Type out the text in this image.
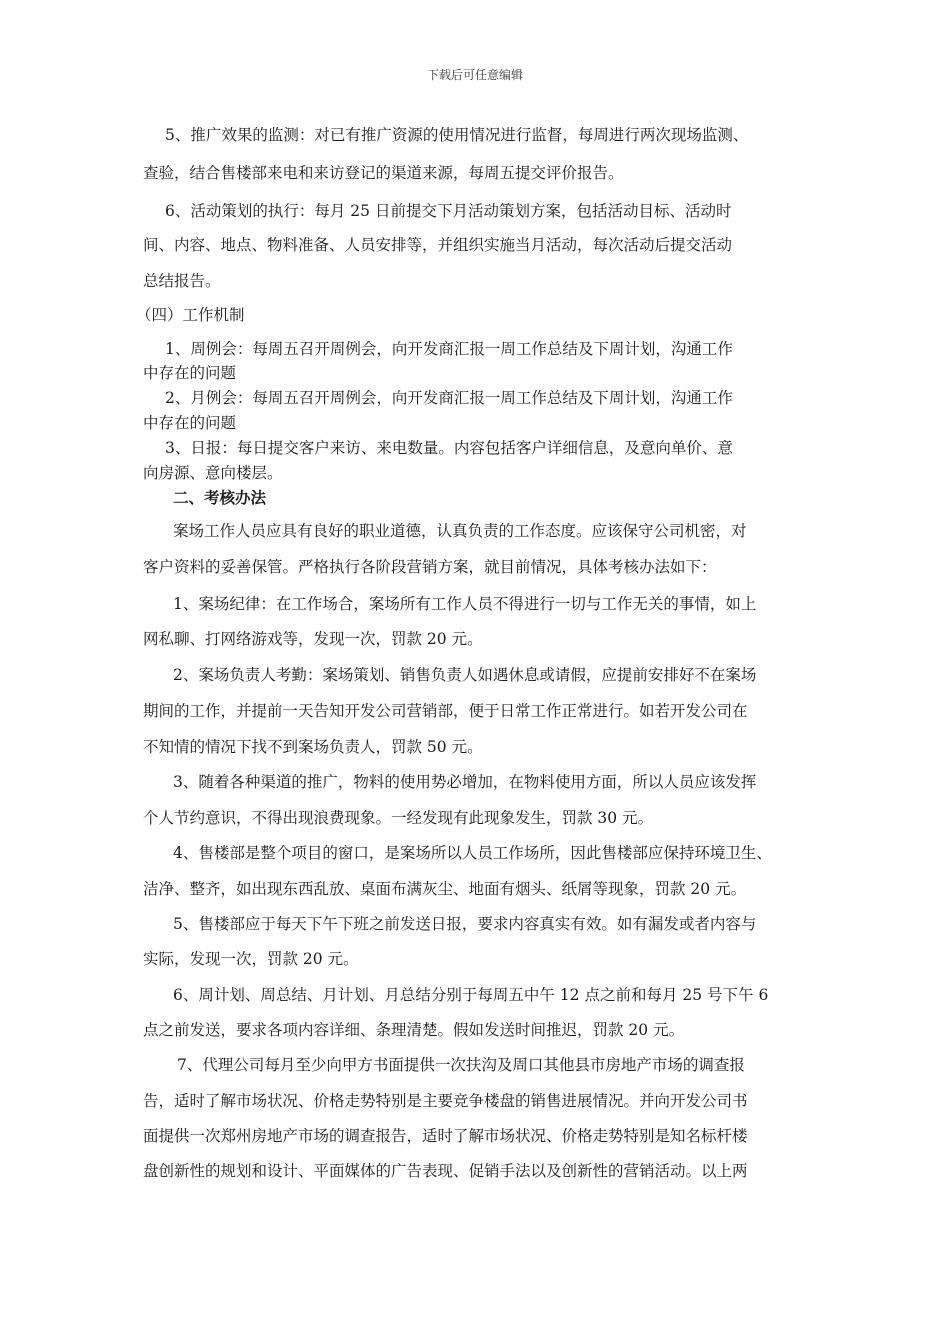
下载后可任意编辑
5、推广效果的监测：对已有推广资源的使用情况进行监督，每周进行两次现场监测、
查验，结合售楼部来电和来访登记的渠道来源，每周五提交评价报告。
6、活动策划的执行：每月 25 日前提交下月活动策划方案，包括活动目标、活动时
间、内容、地点、物料准备、人员安排等，并组织实施当月活动，每次活动后提交活动
总结报告。
（四）工作机制
1、周例会：每周五召开周例会，向开发商汇报一周工作总结及下周计划，沟通工作
中存在的问题
2、月例会：每周五召开周例会，向开发商汇报一周工作总结及下周计划，沟通工作
中存在的问题
3、日报：每日提交客户来访、来电数量。内容包括客户详细信息，及意向单价、意
向房源、意向楼层。
二、考核办法
案场工作人员应具有良好的职业道德，认真负责的工作态度。应该保守公司机密，对
客户资料的妥善保管。严格执行各阶段营销方案，就目前情况，具体考核办法如下：
1、案场纪律：在工作场合，案场所有工作人员不得进行一切与工作无关的事情，如上
网私聊、打网络游戏等，发现一次，罚款 20 元。
2、案场负责人考勤：案场策划、销售负责人如遇休息或请假，应提前安排好不在案场
期间的工作，并提前一天告知开发公司营销部，便于日常工作正常进行。如若开发公司在
不知情的情况下找不到案场负责人，罚款 50 元。
3、随着各种渠道的推广，物料的使用势必增加，在物料使用方面，所以人员应该发挥
个人节约意识，不得出现浪费现象。一经发现有此现象发生，罚款 30 元。
4、售楼部是整个项目的窗口，是案场所以人员工作场所，因此售楼部应保持环境卫生、
洁净、整齐，如出现东西乱放、桌面布满灰尘、地面有烟头、纸屑等现象，罚款 20 元。
5、售楼部应于每天下午下班之前发送日报，要求内容真实有效。如有漏发或者内容与
实际，发现一次，罚款 20 元。
6、周计划、周总结、月计划、月总结分别于每周五中午 12 点之前和每月 25 号下午 6
点之前发送，要求各项内容详细、条理清楚。假如发送时间推迟，罚款 20 元。
7、代理公司每月至少向甲方书面提供一次扶沟及周口其他县市房地产市场的调查报
告，适时了解市场状况、价格走势特别是主要竞争楼盘的销售进展情况。并向开发公司书
面提供一次郑州房地产市场的调查报告，适时了解市场状况、价格走势特别是知名标杆楼
盘创新性的规划和设计、平面媒体的广告表现、促销手法以及创新性的营销活动。以上两
